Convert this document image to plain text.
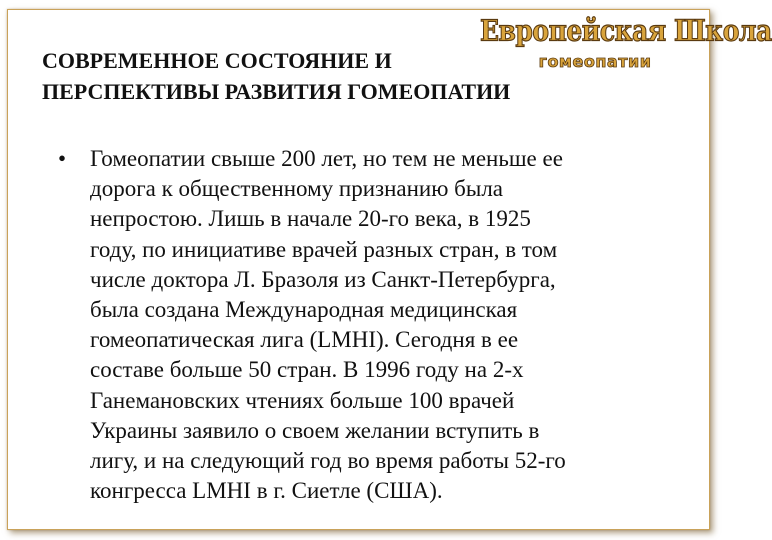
Европейская Школа
гомеопатии
СОВРЕМЕННОЕ СОСТОЯНИЕ И
ПЕРСПЕКТИВЫ РАЗВИТИЯ ГОМЕОПАТИИ
• Гомеопатии свыше 200 лет, но тем не меньше ее
дорога к общественному признанию была
непростою. Лишь в начале 20-го века, в 1925
году, по инициативе врачей разных стран, в том
числе доктора Л. Бразоля из Санкт-Петербурга,
была создана Международная медицинская
гомеопатическая лига (LMHI). Сегодня в ее
составе больше 50 стран. В 1996 году на 2-х
Ганемановских чтениях больше 100 врачей
Украины заявило о своем желании вступить в
лигу, и на следующий год во время работы 52-го
конгресса LMHI в г. Сиетле (США).
